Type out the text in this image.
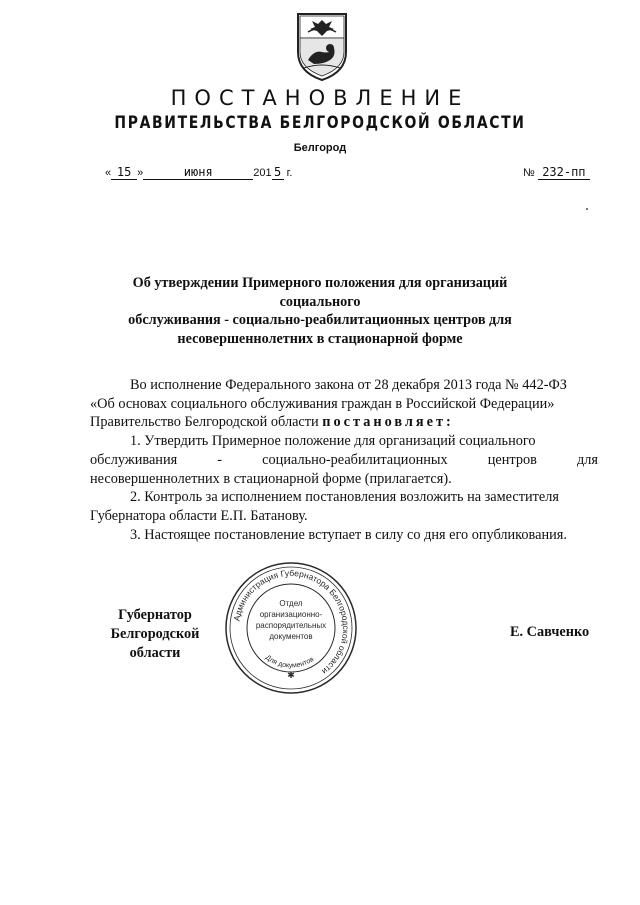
ПОСТАНОВЛЕНИЕ
ПРАВИТЕЛЬСТВА БЕЛГОРОДСКОЙ ОБЛАСТИ
Белгород
« 15 »	июня	201 5 г.	№ 232-пп
Об утверждении Примерного положения для организаций социального
обслуживания - социально-реабилитационных центров для
несовершеннолетних в стационарной форме

Во исполнение Федерального закона от 28 декабря 2013 года № 442-ФЗ

«Об основах социального обслуживания граждан в Российской Федерации»

Правительство Белгородской области постановляет:

1. Утвердить Примерное положение для организаций социального

обслуживания	-	социально-реабилитационных	центров	для

несовершеннолетних в стационарной форме (прилагается).

2. Контроль за исполнением постановления возложить на заместителя

Губернатора области Е.П. Батанову.

3. Настоящее постановление вступает в силу со дня его опубликования.

Губернатор
Белгородской области
Администрация Губернатора Белгородской области
Для документов
✱
Отдел
организационно-
распорядительных
документов	Е. Савченко
